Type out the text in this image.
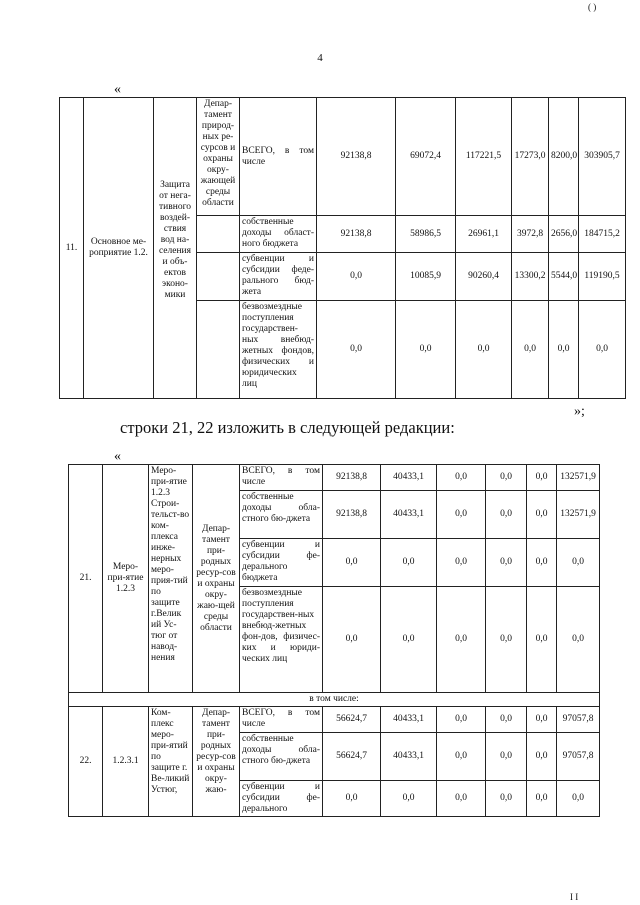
( )
4
«
11.	Основное ме-роприятие 1.2.	Защита от нега-тивного воздей-ствия вод на-селения и объ-ектов эконо-мики	Депар-тамент природ-ных ре-сурсов и охраны окру-жающей среды области	ВСЕГО, в том числе	92138,8	69072,4	117221,5	17273,0	8200,0	303905,7
				собственные доходы област-ного бюджета	92138,8	58986,5	26961,1	3972,8	2656,0	184715,2
				субвенции и субсидии феде-рального бюд-жета	0,0	10085,9	90260,4	13300,2	5544,0	119190,5
				безвозмездные поступления государствен-ных внебюд-жетных фондов, физических и юридических лиц	0,0	0,0	0,0	0,0	0,0	0,0
»;
строки 21, 22 изложить в следующей редакции:
«
21.	Меро-при-ятие 1.2.3	Меро-при-ятие 1.2.3 Строи-тельст-во ком-плекса инже-нерных меро-прия-тий по защите г.Велик ий Ус-тюг от навод-нения	Депар-тамент при-родных ресур-сов и охраны окру-жаю-щей среды области	ВСЕГО, в том числе	92138,8	40433,1	0,0	0,0	0,0	132571,9
				собственные доходы обла-стного бю-джета	92138,8	40433,1	0,0	0,0	0,0	132571,9
				субвенции и субсидии фе-дерального бюджета	0,0	0,0	0,0	0,0	0,0	0,0
				безвозмездные поступления государствен-ных внебюд-жетных фон-дов, физичес-ких и юриди-ческих лиц	0,0	0,0	0,0	0,0	0,0	0,0
в том числе:										
22.	1.2.3.1	Ком-плекс меро-при-ятий по защите г. Ве-ликий Устюг,	Депар-тамент при-родных ресур-сов и охраны окру-жаю-	ВСЕГО, в том числе	56624,7	40433,1	0,0	0,0	0,0	97057,8
				собственные доходы обла-стного бю-джета	56624,7	40433,1	0,0	0,0	0,0	97057,8
				субвенции и субсидии фе-дерального	0,0	0,0	0,0	0,0	0,0	0,0
I I
